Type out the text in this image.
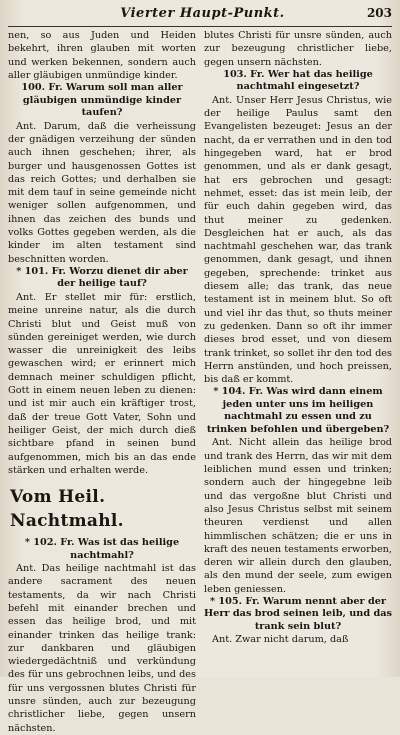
Vierter Haupt-Punkt.	203

nen, so aus Juden und Heiden bekehrt, ihren glauben mit worten und werken bekennen, sondern auch aller gläubigen unmündige kinder.

100. Fr. Warum soll man aller gläubigen unmündige kinder taufen?

Ant. Darum, daß die verheissung der gnädigen verzeihung der sünden auch ihnen geschehen; ihrer, als burger und hausgenossen Gottes ist das reich Gottes; und derhalben sie mit dem tauf in seine gemeinde nicht weniger sollen aufgenommen, und ihnen das zeichen des bunds und volks Gottes gegeben werden, als die kinder im alten testament sind beschnitten worden.

* 101. Fr. Worzu dienet dir aber der heilige tauf?

Ant. Er stellet mir für: erstlich, meine unreine natur, als die durch Christi blut und Geist muß von sünden gereiniget werden, wie durch wasser die unreinigkeit des leibs gewaschen wird; er erinnert mich demnach meiner schuldigen pflicht, Gott in einem neuen leben zu dienen: und ist mir auch ein kräftiger trost, daß der treue Gott Vater, Sohn und heiliger Geist, der mich durch dieß sichtbare pfand in seinen bund aufgenommen, mich bis an das ende stärken und erhalten werde.

Vom Heil. Nachtmahl.

* 102. Fr. Was ist das heilige nachtmahl?

Ant. Das heilige nachtmahl ist das andere sacrament des neuen testaments, da wir nach Christi befehl mit einander brechen und essen das heilige brod, und mit einander trinken das heilige trank: zur dankbaren und gläubigen wiedergedächtniß und verkündung des für uns gebrochnen leibs, und des für uns vergossnen blutes Christi für unsre sünden, auch zur bezeugung christlicher liebe, gegen unsern nächsten.

blutes Christi für unsre sünden, auch zur bezeugung christlicher liebe, gegen unsern nächsten.

103. Fr. Wer hat das heilige nachtmahl eingesetzt?

Ant. Unser Herr Jesus Christus, wie der heilige Paulus samt den Evangelisten bezeuget: Jesus an der nacht, da er verrathen und in den tod hingegeben ward, hat er brod genommen, und als er dank gesagt, hat ers gebrochen und gesagt: nehmet, esset: das ist mein leib, der für euch dahin gegeben wird, das thut meiner zu gedenken. Desgleichen hat er auch, als das nachtmahl geschehen war, das trank genommen, dank gesagt, und ihnen gegeben, sprechende: trinket aus diesem alle; das trank, das neue testament ist in meinem blut. So oft und viel ihr das thut, so thuts meiner zu gedenken. Dann so oft ihr immer dieses brod esset, und von diesem trank trinket, so sollet ihr den tod des Herrn anstünden, und hoch preissen, bis daß er kommt.

* 104. Fr. Was wird dann einem jeden unter uns im heiligen nachtmahl zu essen und zu trinken befohlen und übergeben?

Ant. Nicht allein das heilige brod und trank des Herrn, das wir mit dem leiblichen mund essen und trinken; sondern auch der hingegebne leib und das vergoßne blut Christi und also Jesus Christus selbst mit seinem theuren verdienst und allen himmlischen schätzen; die er uns in kraft des neuen testaments erworben, deren wir allein durch den glauben, als den mund der seele, zum ewigen leben geniessen.

* 105. Fr. Warum nennt aber der Herr das brod seinen leib, und das trank sein blut?

Ant. Zwar nicht darum, daß
